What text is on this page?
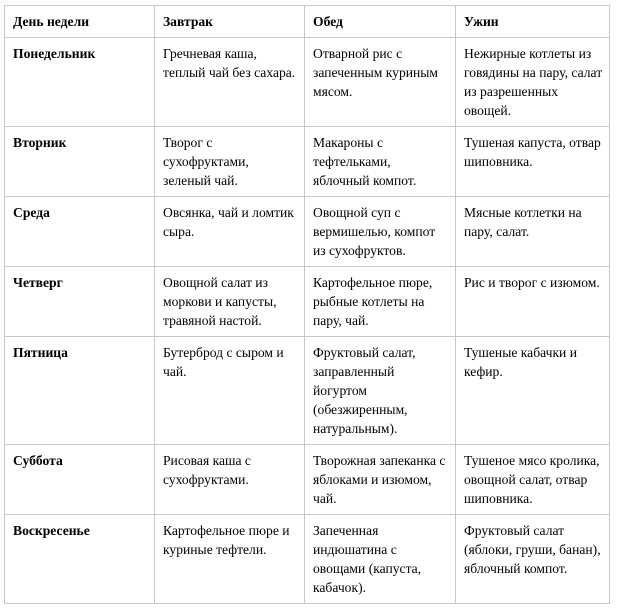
День недели	Завтрак	Обед	Ужин
Понедельник	Гречневая каша, теплый чай без сахара.	Отварной рис с запеченным куриным мясом.	Нежирные котлеты из говядины на пару, салат из разрешенных овощей.
Вторник	Творог с сухофруктами, зеленый чай.	Макароны с тефтельками, яблочный компот.	Тушеная капуста, отвар шиповника.
Среда	Овсянка, чай и ломтик сыра.	Овощной суп с вермишелью, компот из сухофруктов.	Мясные котлетки на пару, салат.
Четверг	Овощной салат из моркови и капусты, травяной настой.	Картофельное пюре, рыбные котлеты на пару, чай.	Рис и творог с изюмом.
Пятница	Бутерброд с сыром и чай.	Фруктовый салат, заправленный йогуртом (обезжиренным, натуральным).	Тушеные кабачки и кефир.
Суббота	Рисовая каша с сухофруктами.	Творожная запеканка с яблоками и изюмом, чай.	Тушеное мясо кролика, овощной салат, отвар шиповника.
Воскресенье	Картофельное пюре и куриные тефтели.	Запеченная индюшатина с овощами (капуста, кабачок).	Фруктовый салат (яблоки, груши, банан), яблочный компот.
